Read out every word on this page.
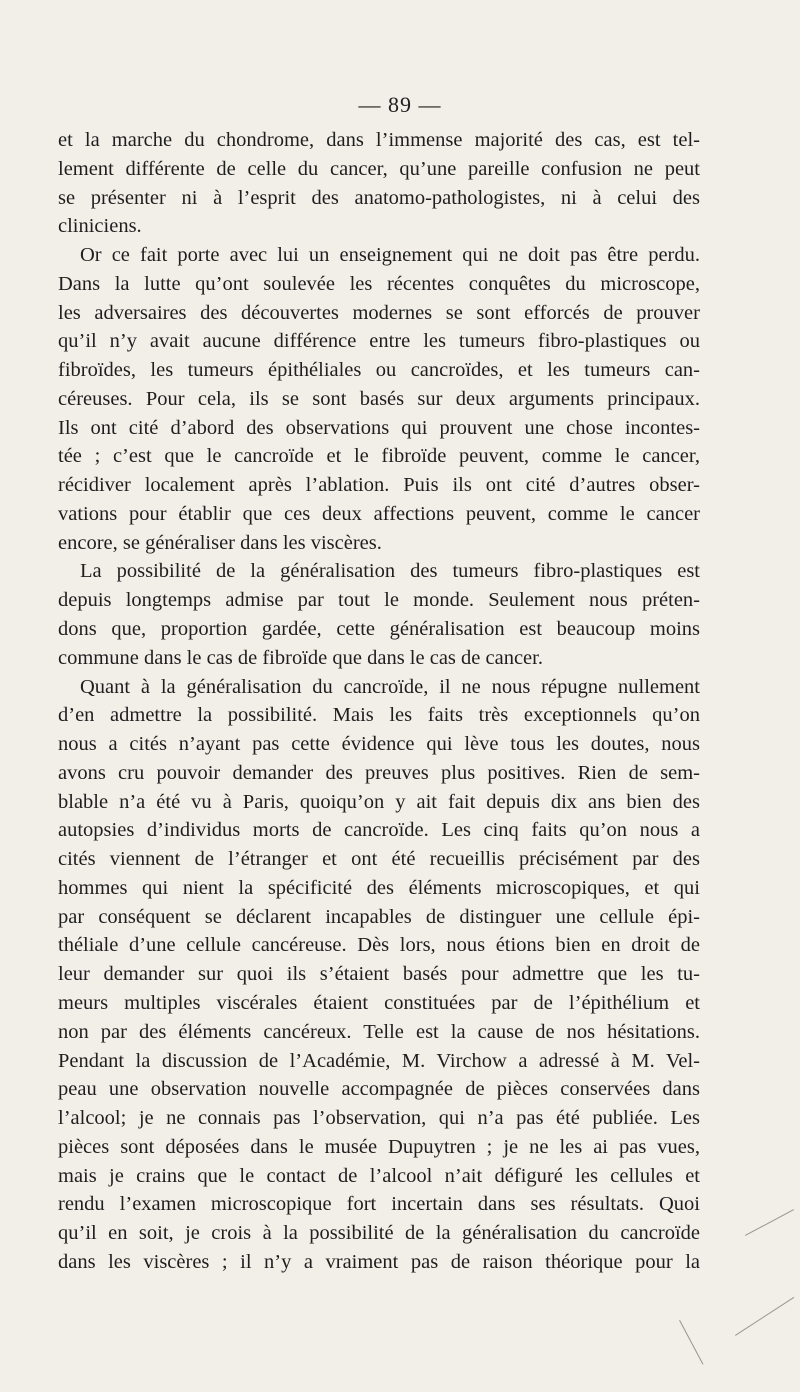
— 89 —
et la marche du chondrome, dans l’immense majorité des cas, est tel-
lement différente de celle du cancer, qu’une pareille confusion ne peut
se présenter ni à l’esprit des anatomo-pathologistes, ni à celui des
cliniciens.
Or ce fait porte avec lui un enseignement qui ne doit pas être perdu.
Dans la lutte qu’ont soulevée les récentes conquêtes du microscope,
les adversaires des découvertes modernes se sont efforcés de prouver
qu’il n’y avait aucune différence entre les tumeurs fibro-plastiques ou
fibroïdes, les tumeurs épithéliales ou cancroïdes, et les tumeurs can-
céreuses. Pour cela, ils se sont basés sur deux arguments principaux.
Ils ont cité d’abord des observations qui prouvent une chose incontes-
tée ; c’est que le cancroïde et le fibroïde peuvent, comme le cancer,
récidiver localement après l’ablation. Puis ils ont cité d’autres obser-
vations pour établir que ces deux affections peuvent, comme le cancer
encore, se généraliser dans les viscères.
La possibilité de la généralisation des tumeurs fibro-plastiques est
depuis longtemps admise par tout le monde. Seulement nous préten-
dons que, proportion gardée, cette généralisation est beaucoup moins
commune dans le cas de fibroïde que dans le cas de cancer.
Quant à la généralisation du cancroïde, il ne nous répugne nullement
d’en admettre la possibilité. Mais les faits très exceptionnels qu’on
nous a cités n’ayant pas cette évidence qui lève tous les doutes, nous
avons cru pouvoir demander des preuves plus positives. Rien de sem-
blable n’a été vu à Paris, quoiqu’on y ait fait depuis dix ans bien des
autopsies d’individus morts de cancroïde. Les cinq faits qu’on nous a
cités viennent de l’étranger et ont été recueillis précisément par des
hommes qui nient la spécificité des éléments microscopiques, et qui
par conséquent se déclarent incapables de distinguer une cellule épi-
théliale d’une cellule cancéreuse. Dès lors, nous étions bien en droit de
leur demander sur quoi ils s’étaient basés pour admettre que les tu-
meurs multiples viscérales étaient constituées par de l’épithélium et
non par des éléments cancéreux. Telle est la cause de nos hésitations.
Pendant la discussion de l’Académie, M. Virchow a adressé à M. Vel-
peau une observation nouvelle accompagnée de pièces conservées dans
l’alcool; je ne connais pas l’observation, qui n’a pas été publiée. Les
pièces sont déposées dans le musée Dupuytren ; je ne les ai pas vues,
mais je crains que le contact de l’alcool n’ait défiguré les cellules et
rendu l’examen microscopique fort incertain dans ses résultats. Quoi
qu’il en soit, je crois à la possibilité de la généralisation du cancroïde
dans les viscères ; il n’y a vraiment pas de raison théorique pour la
